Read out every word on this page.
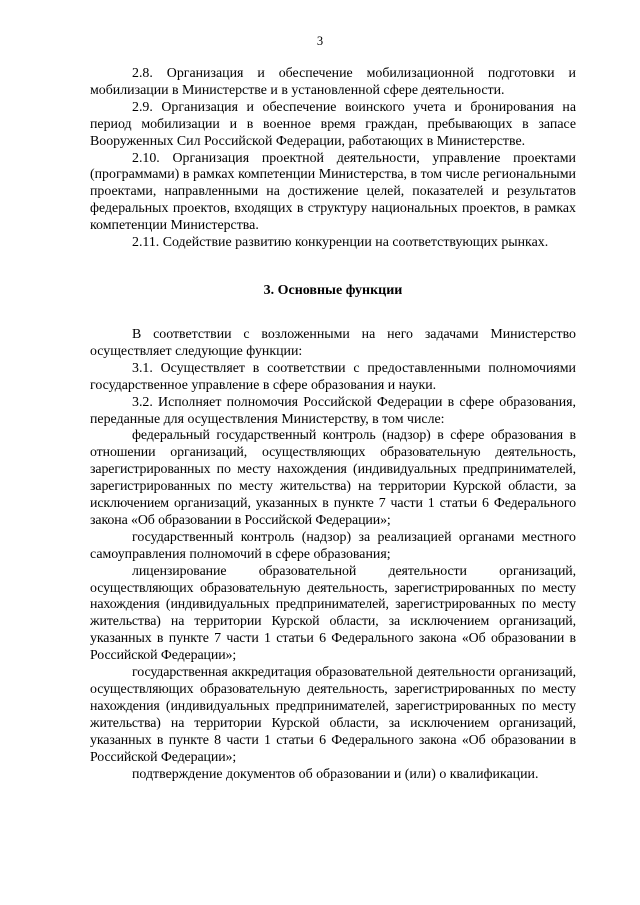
3

2.8. Организация и обеспечение мобилизационной подготовки и мобилизации в Министерстве и в установленной сфере деятельности.

2.9. Организация и обеспечение воинского учета и бронирования на период мобилизации и в военное время граждан, пребывающих в запасе Вооруженных Сил Российской Федерации, работающих в Министерстве.

2.10. Организация проектной деятельности, управление проектами (программами) в рамках компетенции Министерства, в том числе региональными проектами, направленными на достижение целей, показателей и результатов федеральных проектов, входящих в структуру национальных проектов, в рамках компетенции Министерства.

2.11. Содействие развитию конкуренции на соответствующих рынках.

3. Основные функции

В соответствии с возложенными на него задачами Министерство осуществляет следующие функции:

3.1. Осуществляет в соответствии с предоставленными полномочиями государственное управление в сфере образования и науки.

3.2. Исполняет полномочия Российской Федерации в сфере образования, переданные для осуществления Министерству, в том числе:

федеральный государственный контроль (надзор) в сфере образования в отношении организаций, осуществляющих образовательную деятельность, зарегистрированных по месту нахождения (индивидуальных предпринимателей, зарегистрированных по месту жительства) на территории Курской области, за исключением организаций, указанных в пункте 7 части 1 статьи 6 Федерального закона «Об образовании в Российской Федерации»;

государственный контроль (надзор) за реализацией органами местного самоуправления полномочий в сфере образования;

лицензирование образовательной деятельности организаций, осуществляющих образовательную деятельность, зарегистрированных по месту нахождения (индивидуальных предпринимателей, зарегистрированных по месту жительства) на территории Курской области, за исключением организаций, указанных в пункте 7 части 1 статьи 6 Федерального закона «Об образовании в Российской Федерации»;

государственная аккредитация образовательной деятельности организаций, осуществляющих образовательную деятельность, зарегистрированных по месту нахождения (индивидуальных предпринимателей, зарегистрированных по месту жительства) на территории Курской области, за исключением организаций, указанных в пункте 8 части 1 статьи 6 Федерального закона «Об образовании в Российской Федерации»;

подтверждение документов об образовании и (или) о квалификации.
